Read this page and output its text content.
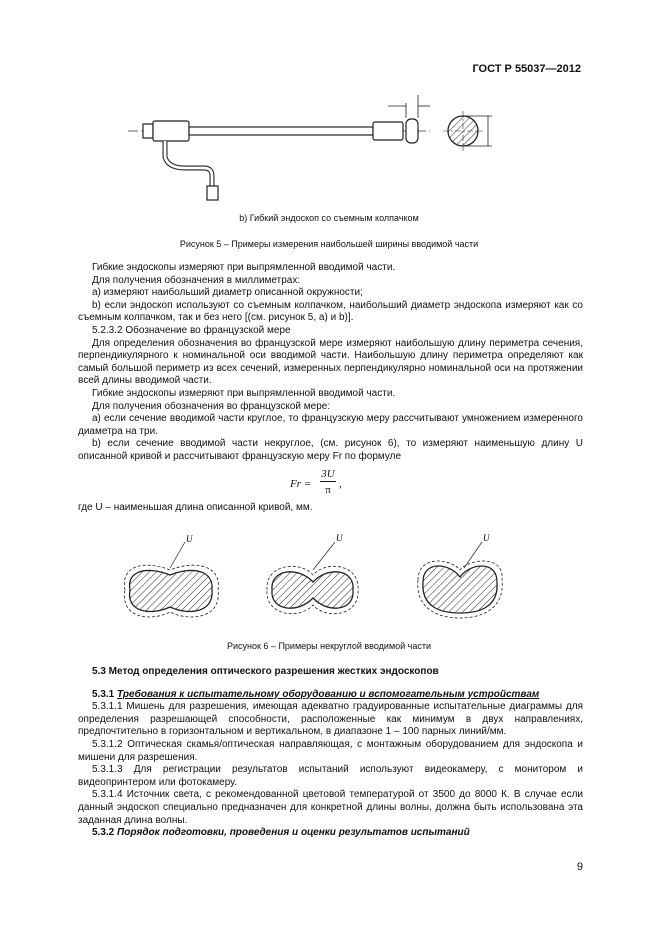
ГОСТ Р 55037—2012
b) Гибкий эндоскоп со съемным колпачком
Рисунок 5 – Примеры измерения наибольшей ширины вводимой части

Гибкие эндоскопы измеряют при выпрямленной вводимой части.

Для получения обозначения в миллиметрах:

а) измеряют наибольший диаметр описанной окружности;

b) если эндоскоп используют со съемным колпачком, наибольший диаметр эндоскопа измеряют как со съемным колпачком, так и без него [(см. рисунок 5, а) и b)].

5.2.3.2 Обозначение во французской мере

Для определения обозначения во французской мере измеряют наибольшую длину периметра сечения, перпендикулярного к номинальной оси вводимой части. Наибольшую длину периметра определяют как самый большой периметр из всех сечений, измеренных перпендикулярно номинальной оси на протяжении всей длины вводимой части.

Гибкие эндоскопы измеряют при выпрямленной вводимой части.

Для получения обозначения во французской мере:

а) если сечение вводимой части круглое, то французскую меру рассчитывают умножением измеренного диаметра на три.

b) если сечение вводимой части некруглое, (см. рисунок 6), то измеряют наименьшую длину U описанной кривой и рассчитывают французскую меру Fr по формуле

Fr =
3U
π ,

где U – наименьшая длина описанной кривой, мм.

U	U	U
Рисунок 6 – Примеры некруглой вводимой части

5.3 Метод определения оптического разрешения жестких эндоскопов

5.3.1 Требования к испытательному оборудованию и вспомогательным устройствам

5.3.1.1 Мишень для разрешения, имеющая адекватно градуированные испытательные диаграммы для определения разрешающей способности, расположенные как минимум в двух направлениях, предпочтительно в горизонтальном и вертикальном, в диапазоне 1 – 100 парных линий/мм.

5.3.1.2 Оптическая скамья/оптическая направляющая, с монтажным оборудованием для эндоскопа и мишени для разрешения.

5.3.1.3 Для регистрации результатов испытаний используют видеокамеру, с монитором и видеопринтером или фотокамеру.

5.3.1.4 Источник света, с рекомендованной цветовой температурой от 3500 до 8000 К. В случае если данный эндоскоп специально предназначен для конкретной длины волны, должна быть использована эта заданная длина волны.

5.3.2 Порядок подготовки, проведения и оценки результатов испытаний

9
